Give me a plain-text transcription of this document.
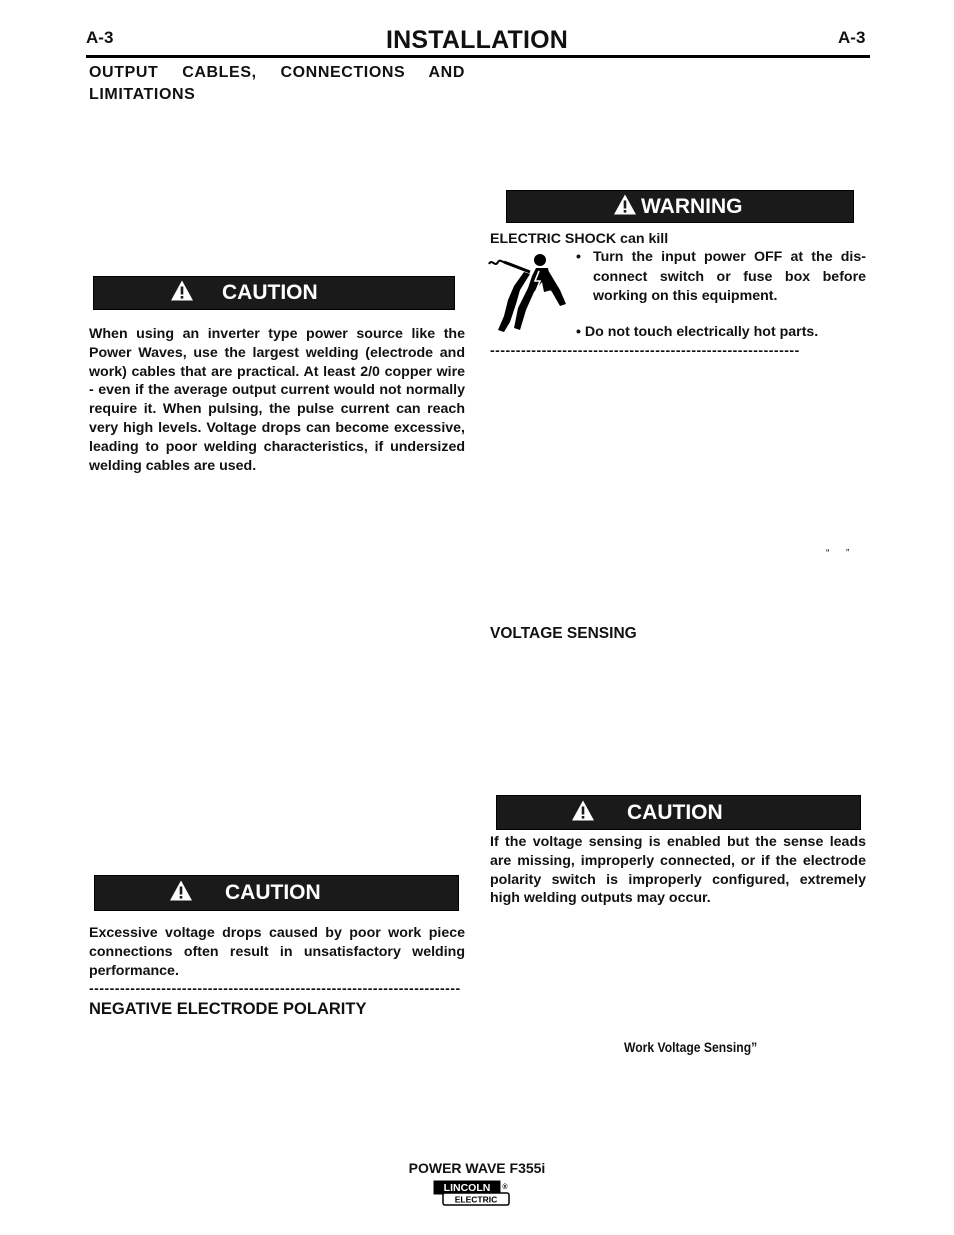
A-3	INSTALLATION	A-3
OUTPUT CABLES, CONNECTIONS AND LIMITATIONS
CAUTION
When using an inverter type power source like the Power Waves, use the largest welding (electrode and work) cables that are practical. At least 2/0 copper wire - even if the average output current would not normally require it. When pulsing, the pulse current can reach very high levels. Voltage drops can become excessive, leading to poor welding characteristics, if undersized welding cables are used.
CAUTION
Excessive voltage drops caused by poor work piece connections often result in unsatisfactory welding performance.
------------------------------------------------------------------------
NEGATIVE ELECTRODE POLARITY
WARNING
ELECTRIC SHOCK can kill
• Turn the input power OFF at the dis-connect switch or fuse box before working on this equipment.
• Do not touch electrically hot parts.
------------------------------------------------------------
“      ”
VOLTAGE SENSING
CAUTION
If the voltage sensing is enabled but the sense leads are missing, improperly connected, or if the electrode polarity switch is improperly configured, extremely high welding outputs may occur.
Work Voltage Sensing”
POWER WAVE F355i
LINCOLN
ELECTRIC
®
